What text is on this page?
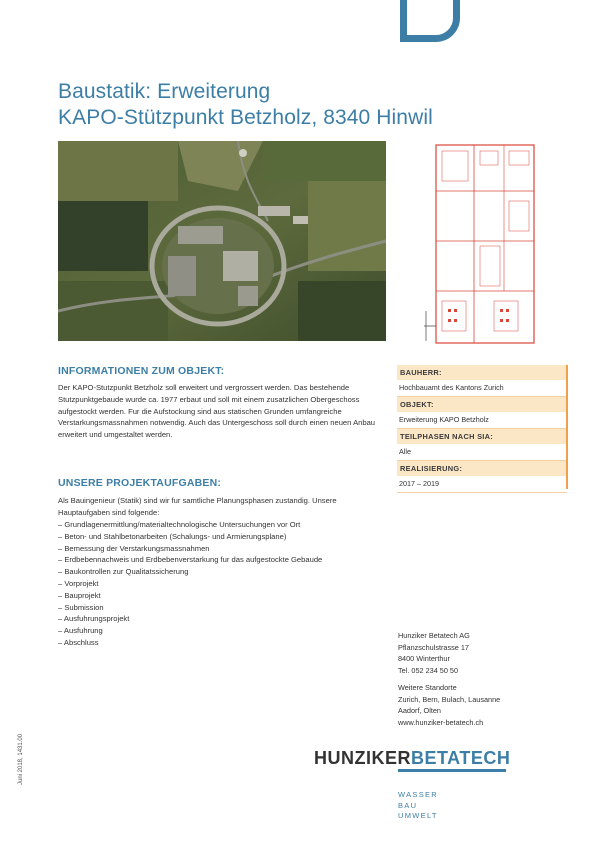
Baustatik: Erweiterung
KAPO-Stützpunkt Betzholz, 8340 Hinwil
INFORMATIONEN ZUM OBJEKT:
Der KAPO-Stutzpunkt Betzholz soll erweitert und vergrossert werden. Das bestehende Stutzpunktgebaude wurde ca. 1977 erbaut und soll mit einem zusatzlichen Obergeschoss aufgestockt werden. Fur die Aufstockung sind aus statischen Grunden umfangreiche Verstarkungsmassnahmen notwendig. Auch das Untergeschoss soll durch einen neuen Anbau erweitert und umgestaltet werden.
UNSERE PROJEKTAUFGABEN:
Als Bauingenieur (Statik) sind wir fur samtliche Planungsphasen zustandig. Unsere Hauptaufgaben sind folgende:
– Grundlagenermittlung/materialtechnologische Untersuchungen vor Ort
– Beton- und Stahlbetonarbeiten (Schalungs- und Armierungsplane)
– Bemessung der Verstarkungsmassnahmen
– Erdbebennachweis und Erdbebenverstarkung fur das aufgestockte Gebaude
– Baukontrollen zur Qualitatssicherung
– Vorprojekt
– Bauprojekt
– Submission
– Ausfuhrungsprojekt
– Ausfuhrung
– Abschluss
BAUHERR:
Hochbauamt des Kantons Zurich
OBJEKT:
Erweiterung KAPO Betzholz
TEILPHASEN NACH SIA:
Alle
REALISIERUNG:
2017 – 2019
Hunziker Betatech AG
Pflanzschulstrasse 17
8400 Winterthur
Tel. 052 234 50 50
Weitere Standorte
Zurich, Bern, Bulach, Lausanne
Aadorf, Olten
www.hunziker-betatech.ch
HUNZIKERBETATECH
WASSER
BAU
UMWELT
Juni 2018, 1431.00
